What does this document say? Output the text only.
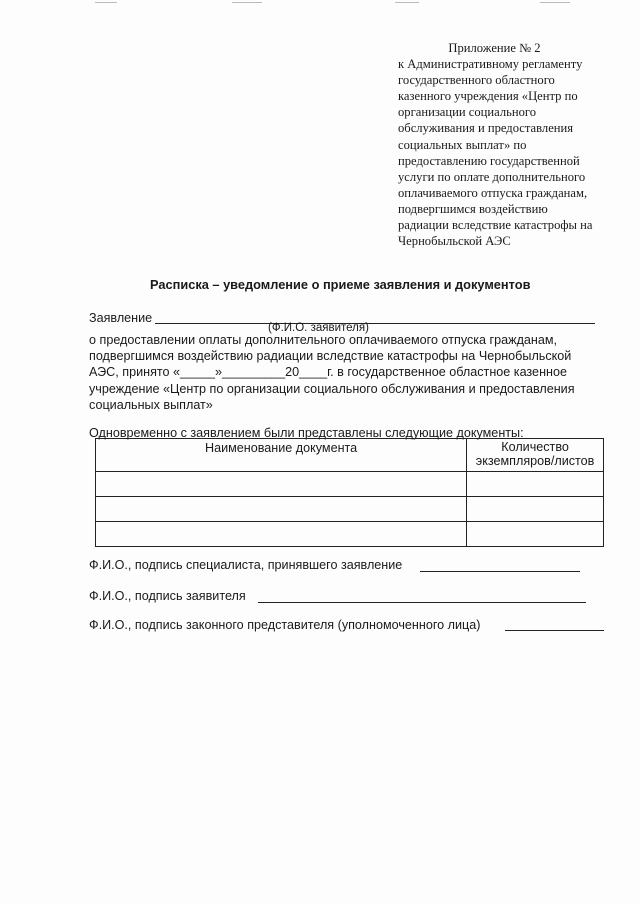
Приложение № 2
к Административному регламенту
государственного областного
казенного учреждения «Центр по
организации социального
обслуживания и предоставления
социальных выплат» по
предоставлению государственной
услуги по оплате дополнительного
оплачиваемого отпуска гражданам,
подвергшимся воздействию
радиации вследствие катастрофы на
Чернобыльской АЭС
Расписка – уведомление о приеме заявления и документов
Заявление
(Ф.И.О. заявителя)
о предоставлении оплаты дополнительного оплачиваемого отпуска гражданам,
подвергшимся воздействию радиации вследствие катастрофы на Чернобыльской
АЭС, принято «_____»_________20____г. в государственное областное казенное
учреждение «Центр по организации социального обслуживания и предоставления
социальных выплат»
Одновременно с заявлением были представлены следующие документы:
Наименование документа	Количество
экземпляров/листов

Ф.И.О., подпись специалиста, принявшего заявление
Ф.И.О., подпись заявителя
Ф.И.О., подпись законного представителя (уполномоченного лица)
